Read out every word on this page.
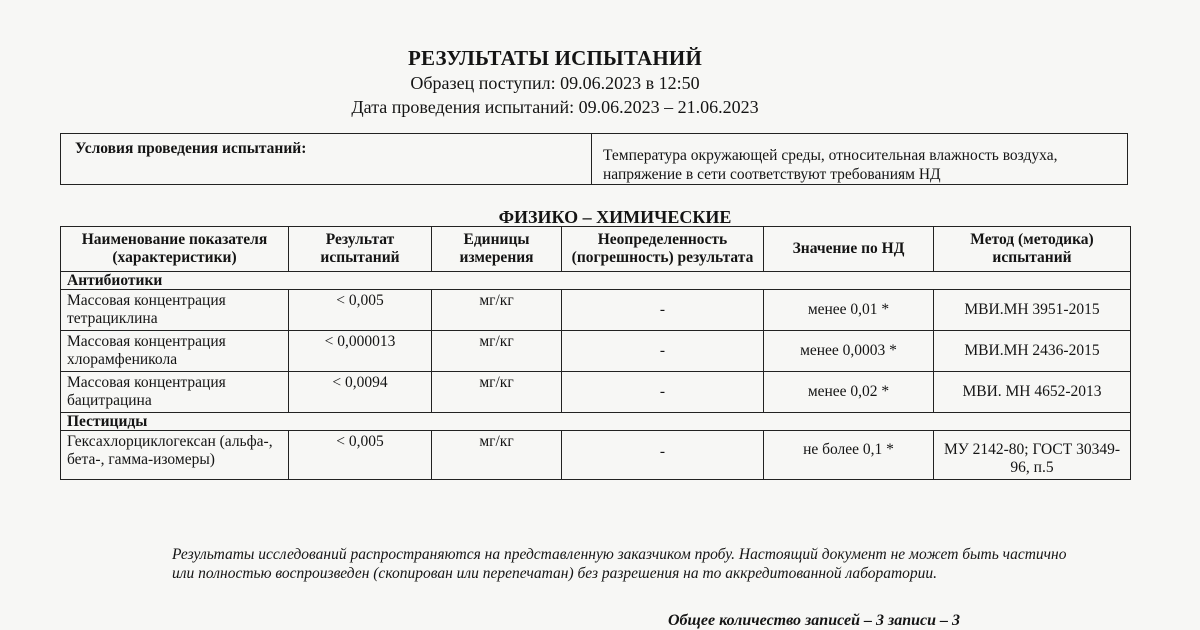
РЕЗУЛЬТАТЫ ИСПЫТАНИЙ
Образец поступил: 09.06.2023 в 12:50
Дата проведения испытаний: 09.06.2023 – 21.06.2023
Условия проведения испытаний:	Температура окружающей среды, относительная влажность воздуха, напряжение в сети соответствуют требованиям НД
ФИЗИКО – ХИМИЧЕСКИЕ
Наименование показателя (характеристики)	Результат испытаний	Единицы измерения	Неопределенность (погрешность) результата	Значение по НД	Метод (методика) испытаний
Антибиотики					
Массовая концентрация тетрациклина	< 0,005	мг/кг	-	менее 0,01 *	МВИ.МН 3951-2015
Массовая концентрация хлорамфеникола	< 0,000013	мг/кг	-	менее 0,0003 *	МВИ.МН 2436-2015
Массовая концентрация бацитрацина	< 0,0094	мг/кг	-	менее 0,02 *	МВИ. МН 4652-2013
Пестициды					
Гексахлорциклогексан (альфа-, бета-, гамма-изомеры)	< 0,005	мг/кг	-	не более 0,1 *	МУ 2142-80; ГОСТ 30349-96, п.5
Результаты исследований распространяются на представленную заказчиком пробу. Настоящий документ не может быть частично или полностью воспроизведен (скопирован или перепечатан) без разрешения на то аккредитованной лаборатории.
Общее количество записей – 3 записи – 3
